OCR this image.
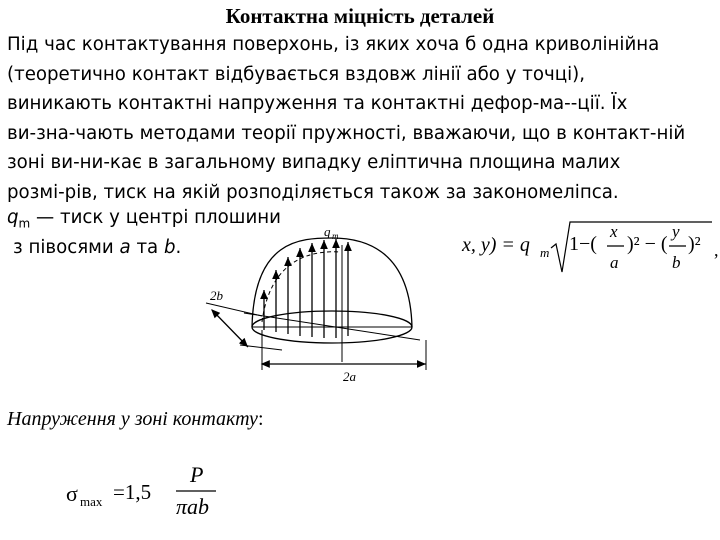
Контактна міцність деталей
Під час контактування поверхонь, із яких хоча б одна криволінійна
(теоретично контакт відбувається вздовж лінії або у точці),
виникають контактні напруження та контактні дефор-ма--ції. Їх
ви-зна-чають методами теорії пружності, вважаючи, що в контакт-ній
зоні ви-ни-кає в загальному випадку еліптична площина малих
розмі-рів, тиск на якій розподіляється також за закономеліпса.
$q_m$ — тиск у центрі плошини
з півосями a та b.
q m
2b
2a
x, y) = q m 1−(
x
a
)² − (
y
b
)² ,
Напруження у зоні контакту:
σ max =1,5
P
πab
